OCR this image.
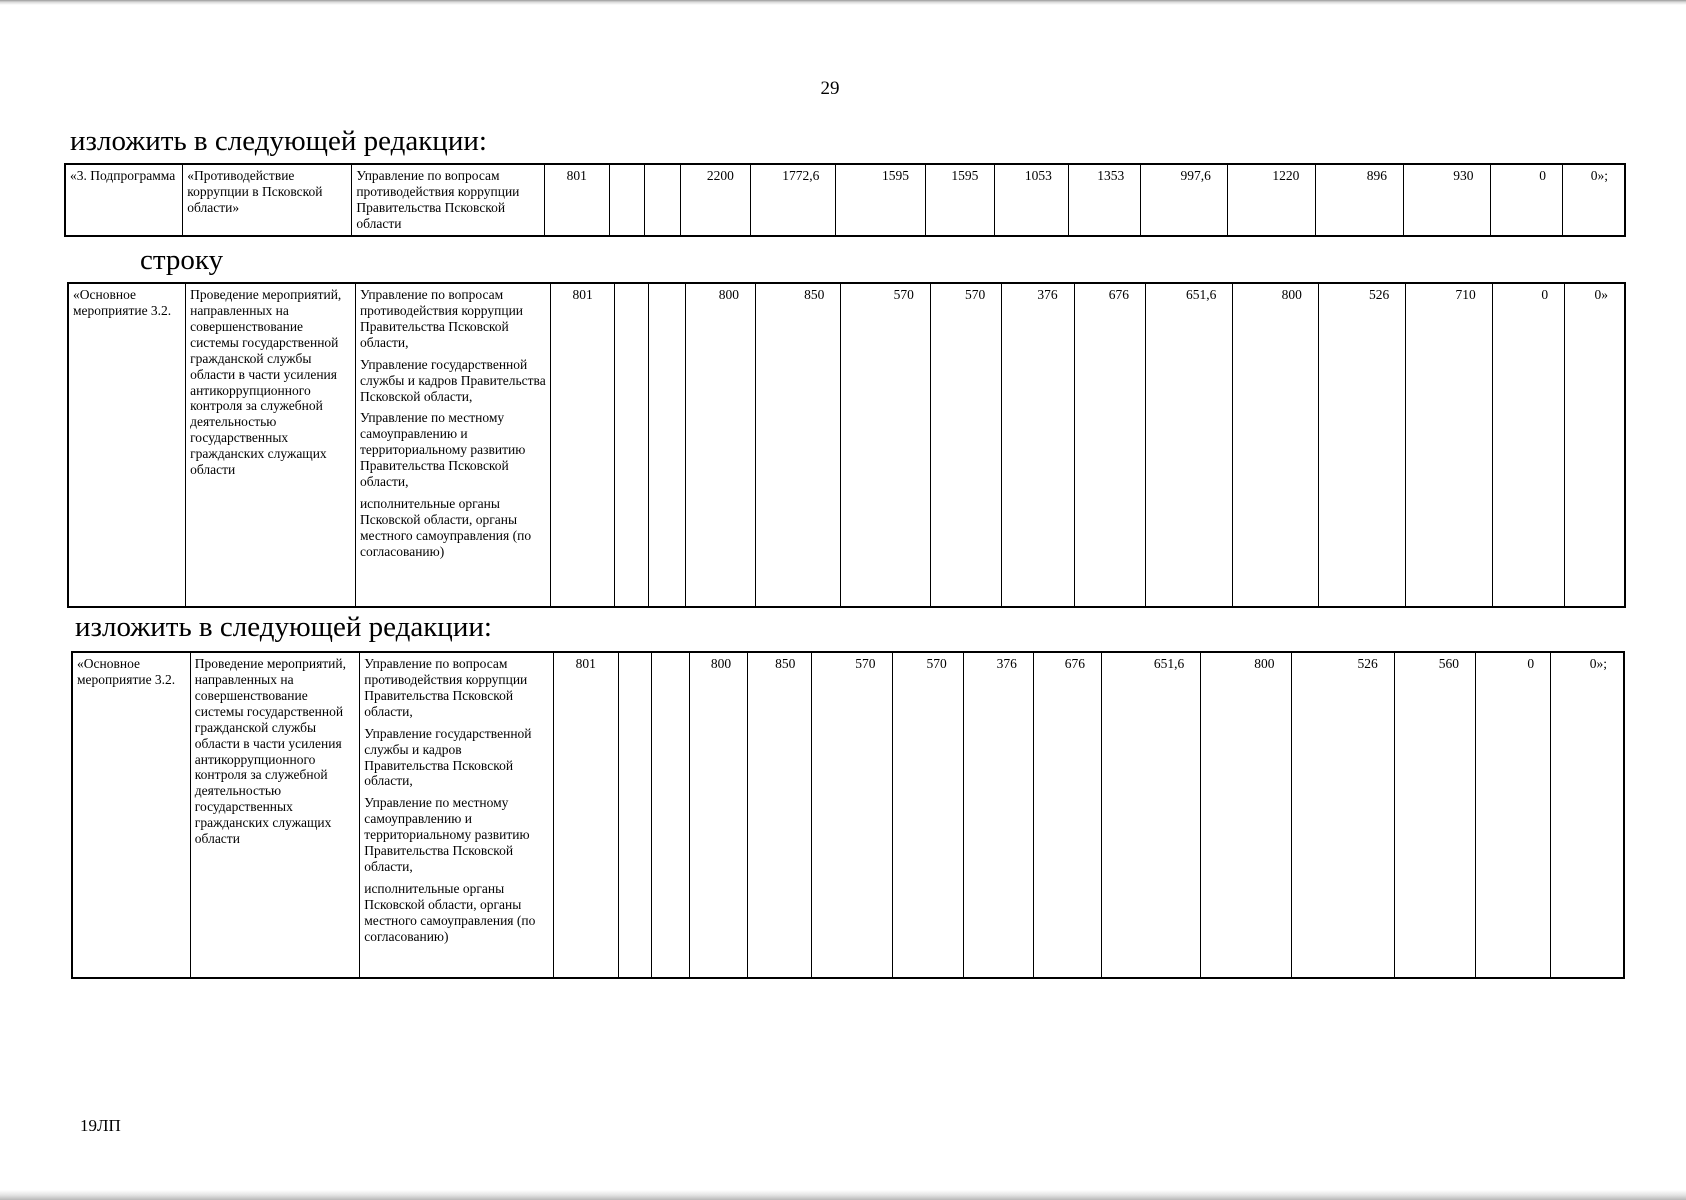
29
изложить в следующей редакции:
«3. Подпрограмма	«Противодействие коррупции в Псковской области»	
Управление по вопросам противодействия коррупции Правительства Псковской области
	801			2200	1772,6	1595	1595	1053	1353	997,6	1220	896	930	0	0»;
строку
«Основное мероприятие 3.2.	Проведение мероприятий, направленных на совершенствование системы государственной гражданской службы области в части усиления антикоррупционного контроля за служебной деятельностью государственных гражданских служащих области	
Управление по вопросам противодействия коррупции Правительства Псковской области,
Управление государственной службы и кадров Правительства Псковской области,
Управление по местному самоуправлению и территориальному развитию Правительства Псковской области,
исполнительные органы Псковской области, органы местного самоуправления (по согласованию)
	801			800	850	570	570	376	676	651,6	800	526	710	0	0»
изложить в следующей редакции:
«Основное мероприятие 3.2.	Проведение мероприятий, направленных на совершенствование системы государственной гражданской службы области в части усиления антикоррупционного контроля за служебной деятельностью государственных гражданских служащих области	
Управление по вопросам противодействия коррупции Правительства Псковской области,
Управление государственной службы и кадров Правительства Псковской области,
Управление по местному самоуправлению и территориальному развитию Правительства Псковской области,
исполнительные органы Псковской области, органы местного самоуправления (по согласованию)
	801			800	850	570	570	376	676	651,6	800	526	560	0	0»;
19ЛП
